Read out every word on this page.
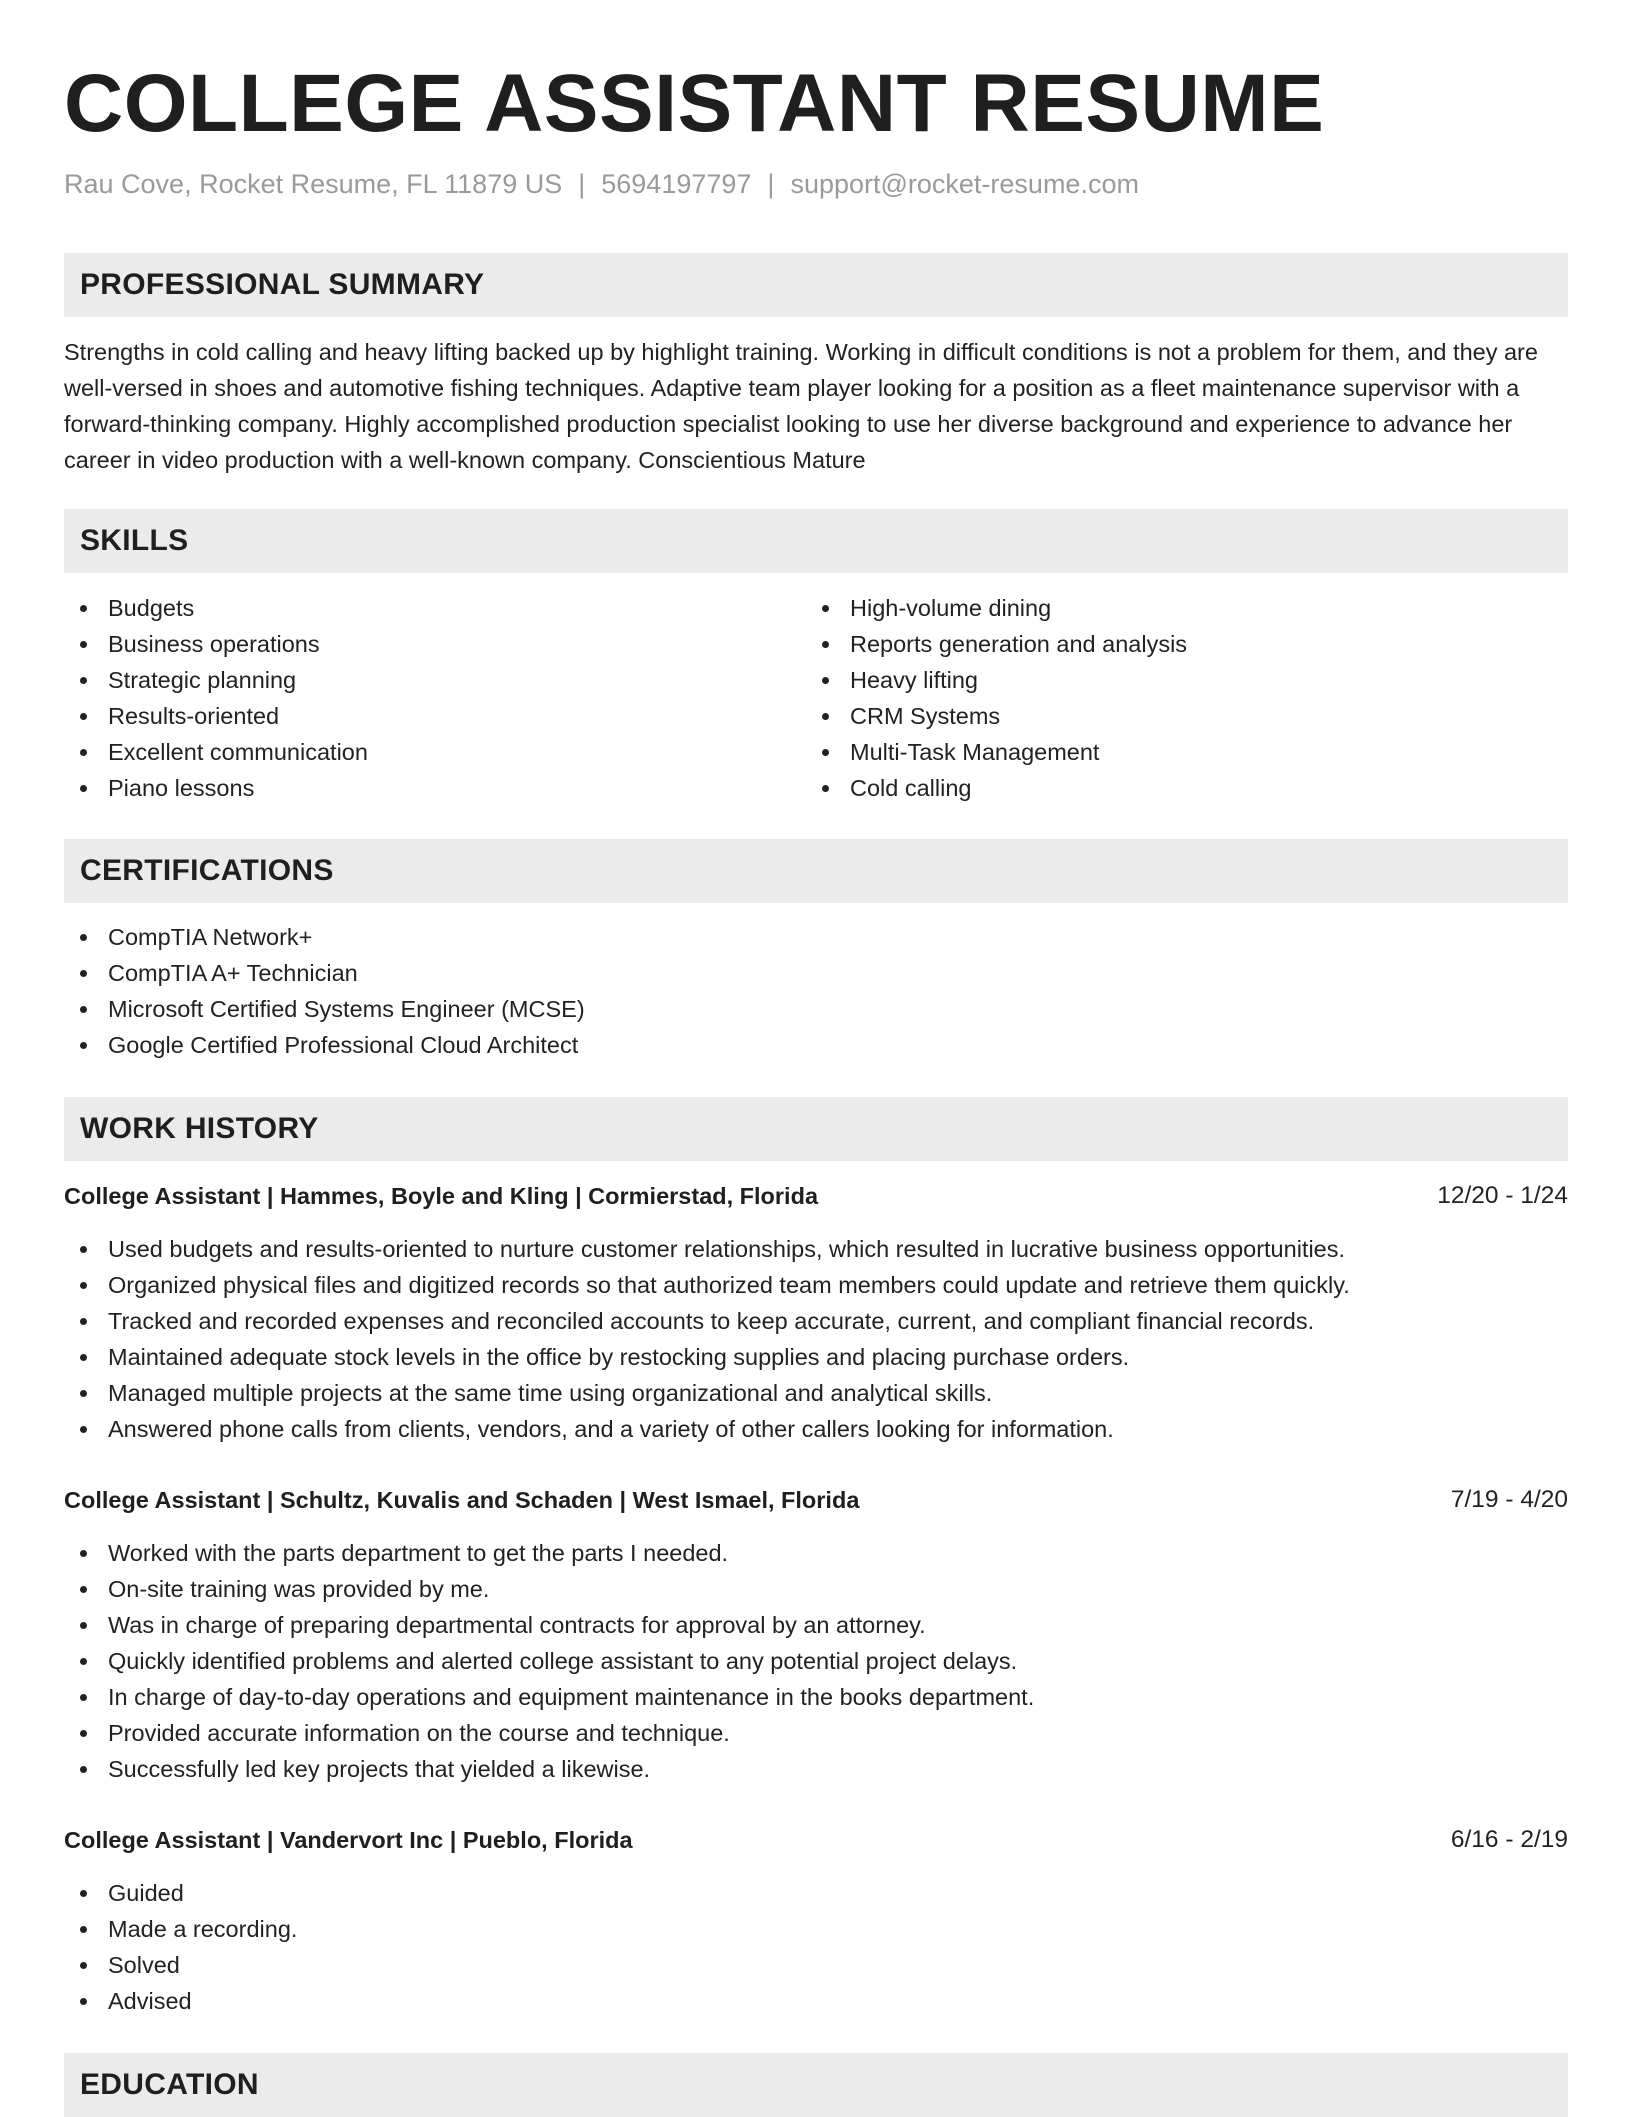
COLLEGE ASSISTANT RESUME
Rau Cove, Rocket Resume, FL 11879 US | 5694197797 | support@rocket-resume.com
PROFESSIONAL SUMMARY
Strengths in cold calling and heavy lifting backed up by highlight training. Working in difficult conditions is not a problem for them, and they are well-versed in shoes and automotive fishing techniques. Adaptive team player looking for a position as a fleet maintenance supervisor with a forward-thinking company. Highly accomplished production specialist looking to use her diverse background and experience to advance her career in video production with a well-known company. Conscientious Mature
SKILLS
Budgets
Business operations
Strategic planning
Results-oriented
Excellent communication
Piano lessons
High-volume dining
Reports generation and analysis
Heavy lifting
CRM Systems
Multi-Task Management
Cold calling
CERTIFICATIONS
CompTIA Network+
CompTIA A+ Technician
Microsoft Certified Systems Engineer (MCSE)
Google Certified Professional Cloud Architect
WORK HISTORY
College Assistant | Hammes, Boyle and Kling | Cormierstad, Florida	12/20 - 1/24
Used budgets and results-oriented to nurture customer relationships, which resulted in lucrative business opportunities.
Organized physical files and digitized records so that authorized team members could update and retrieve them quickly.
Tracked and recorded expenses and reconciled accounts to keep accurate, current, and compliant financial records.
Maintained adequate stock levels in the office by restocking supplies and placing purchase orders.
Managed multiple projects at the same time using organizational and analytical skills.
Answered phone calls from clients, vendors, and a variety of other callers looking for information.
College Assistant | Schultz, Kuvalis and Schaden | West Ismael, Florida	7/19 - 4/20
Worked with the parts department to get the parts I needed.
On-site training was provided by me.
Was in charge of preparing departmental contracts for approval by an attorney.
Quickly identified problems and alerted college assistant to any potential project delays.
In charge of day-to-day operations and equipment maintenance in the books department.
Provided accurate information on the course and technique.
Successfully led key projects that yielded a likewise.
College Assistant | Vandervort Inc | Pueblo, Florida	6/16 - 2/19
Guided
Made a recording.
Solved
Advised
EDUCATION
